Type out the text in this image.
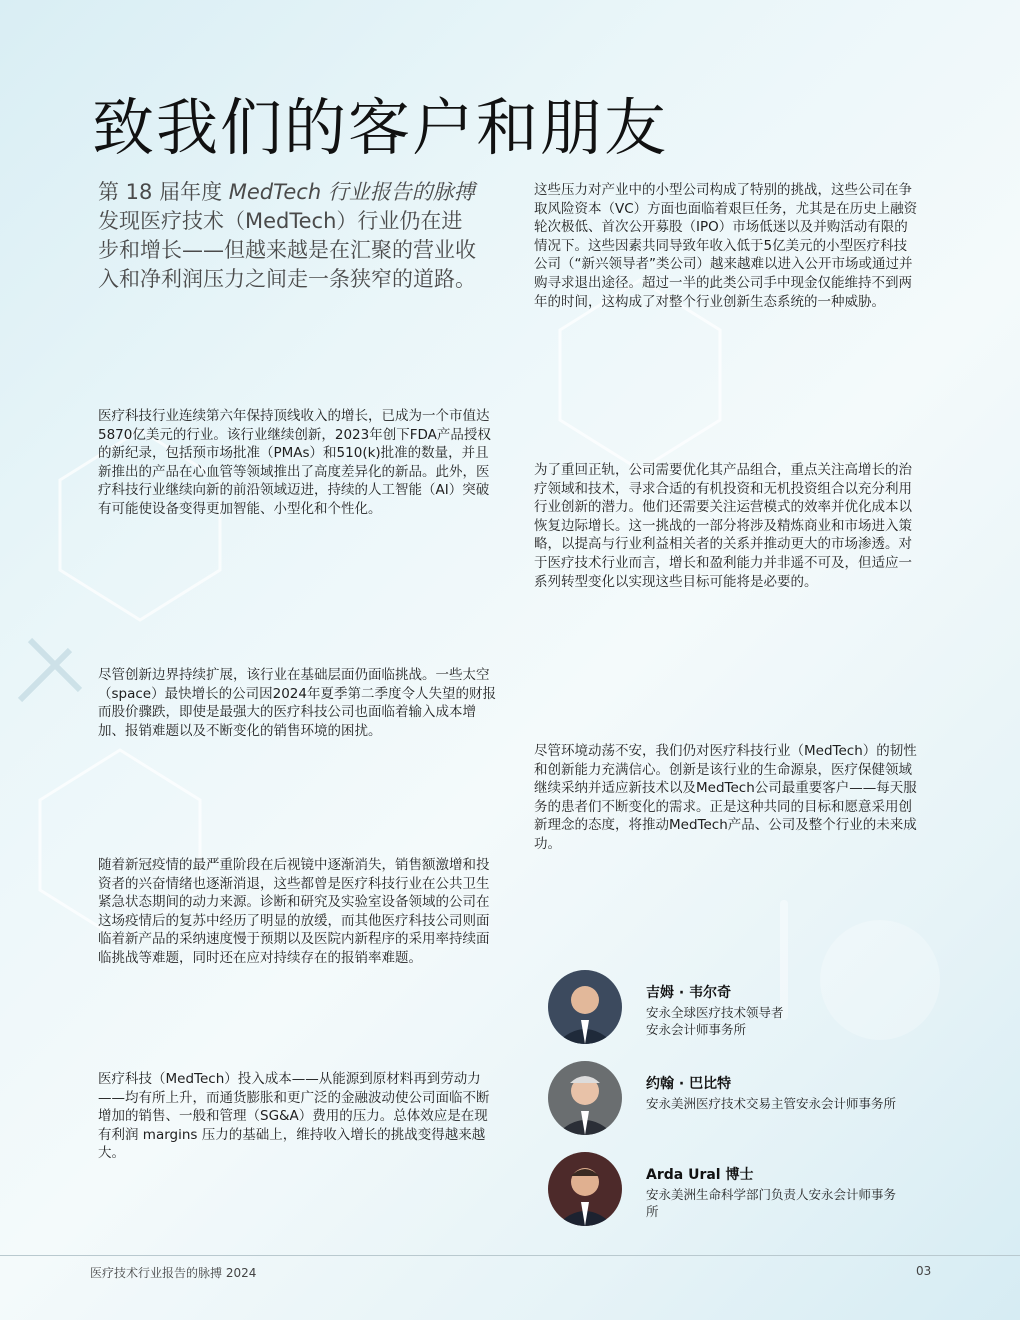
致我们的客户和朋友

第 18 届年度 MedTech 行业报告的脉搏 发现医疗技术（MedTech）行业仍在进步和增长——但越来越是在汇聚的营业收入和净利润压力之间走一条狭窄的道路。

医疗科技行业连续第六年保持顶线收入的增长，已成为一个市值达5870亿美元的行业。该行业继续创新，2023年创下FDA产品授权的新纪录，包括预市场批准（PMAs）和510(k)批准的数量，并且新推出的产品在心血管等领域推出了高度差异化的新品。此外，医疗科技行业继续向新的前沿领域迈进，持续的人工智能（AI）突破有可能使设备变得更加智能、小型化和个性化。

尽管创新边界持续扩展，该行业在基础层面仍面临挑战。一些太空（space）最快增长的公司因2024年夏季第二季度令人失望的财报而股价骤跌，即使是最强大的医疗科技公司也面临着输入成本增加、报销难题以及不断变化的销售环境的困扰。

随着新冠疫情的最严重阶段在后视镜中逐渐消失，销售额激增和投资者的兴奋情绪也逐渐消退，这些都曾是医疗科技行业在公共卫生紧急状态期间的动力来源。诊断和研究及实验室设备领域的公司在这场疫情后的复苏中经历了明显的放缓，而其他医疗科技公司则面临着新产品的采纳速度慢于预期以及医院内新程序的采用率持续面临挑战等难题，同时还在应对持续存在的报销率难题。

医疗科技（MedTech）投入成本——从能源到原材料再到劳动力——均有所上升，而通货膨胀和更广泛的金融波动使公司面临不断增加的销售、一般和管理（SG&A）费用的压力。总体效应是在现有利润 margins 压力的基础上，维持收入增长的挑战变得越来越大。

这些压力对产业中的小型公司构成了特别的挑战，这些公司在争取风险资本（VC）方面也面临着艰巨任务，尤其是在历史上融资轮次极低、首次公开募股（IPO）市场低迷以及并购活动有限的情况下。这些因素共同导致年收入低于5亿美元的小型医疗科技公司（“新兴领导者”类公司）越来越难以进入公开市场或通过并购寻求退出途径。超过一半的此类公司手中现金仅能维持不到两年的时间，这构成了对整个行业创新生态系统的一种威胁。

为了重回正轨，公司需要优化其产品组合，重点关注高增长的治疗领域和技术，寻求合适的有机投资和无机投资组合以充分利用行业创新的潜力。他们还需要关注运营模式的效率并优化成本以恢复边际增长。这一挑战的一部分将涉及精炼商业和市场进入策略，以提高与行业利益相关者的关系并推动更大的市场渗透。对于医疗技术行业而言，增长和盈利能力并非遥不可及，但适应一系列转型变化以实现这些目标可能将是必要的。

尽管环境动荡不安，我们仍对医疗科技行业（MedTech）的韧性和创新能力充满信心。创新是该行业的生命源泉，医疗保健领域继续采纳并适应新技术以及MedTech公司最重要客户——每天服务的患者们不断变化的需求。正是这种共同的目标和愿意采用创新理念的态度，将推动MedTech产品、公司及整个行业的未来成功。

吉姆 · 韦尔奇

安永全球医疗技术领导者
安永会计师事务所

约翰 · 巴比特

安永美洲医疗技术交易主管安永会计师事务所

Arda Ural 博士

安永美洲生命科学部门负责人安永会计师事务所

医疗技术行业报告的脉搏 2024	03
